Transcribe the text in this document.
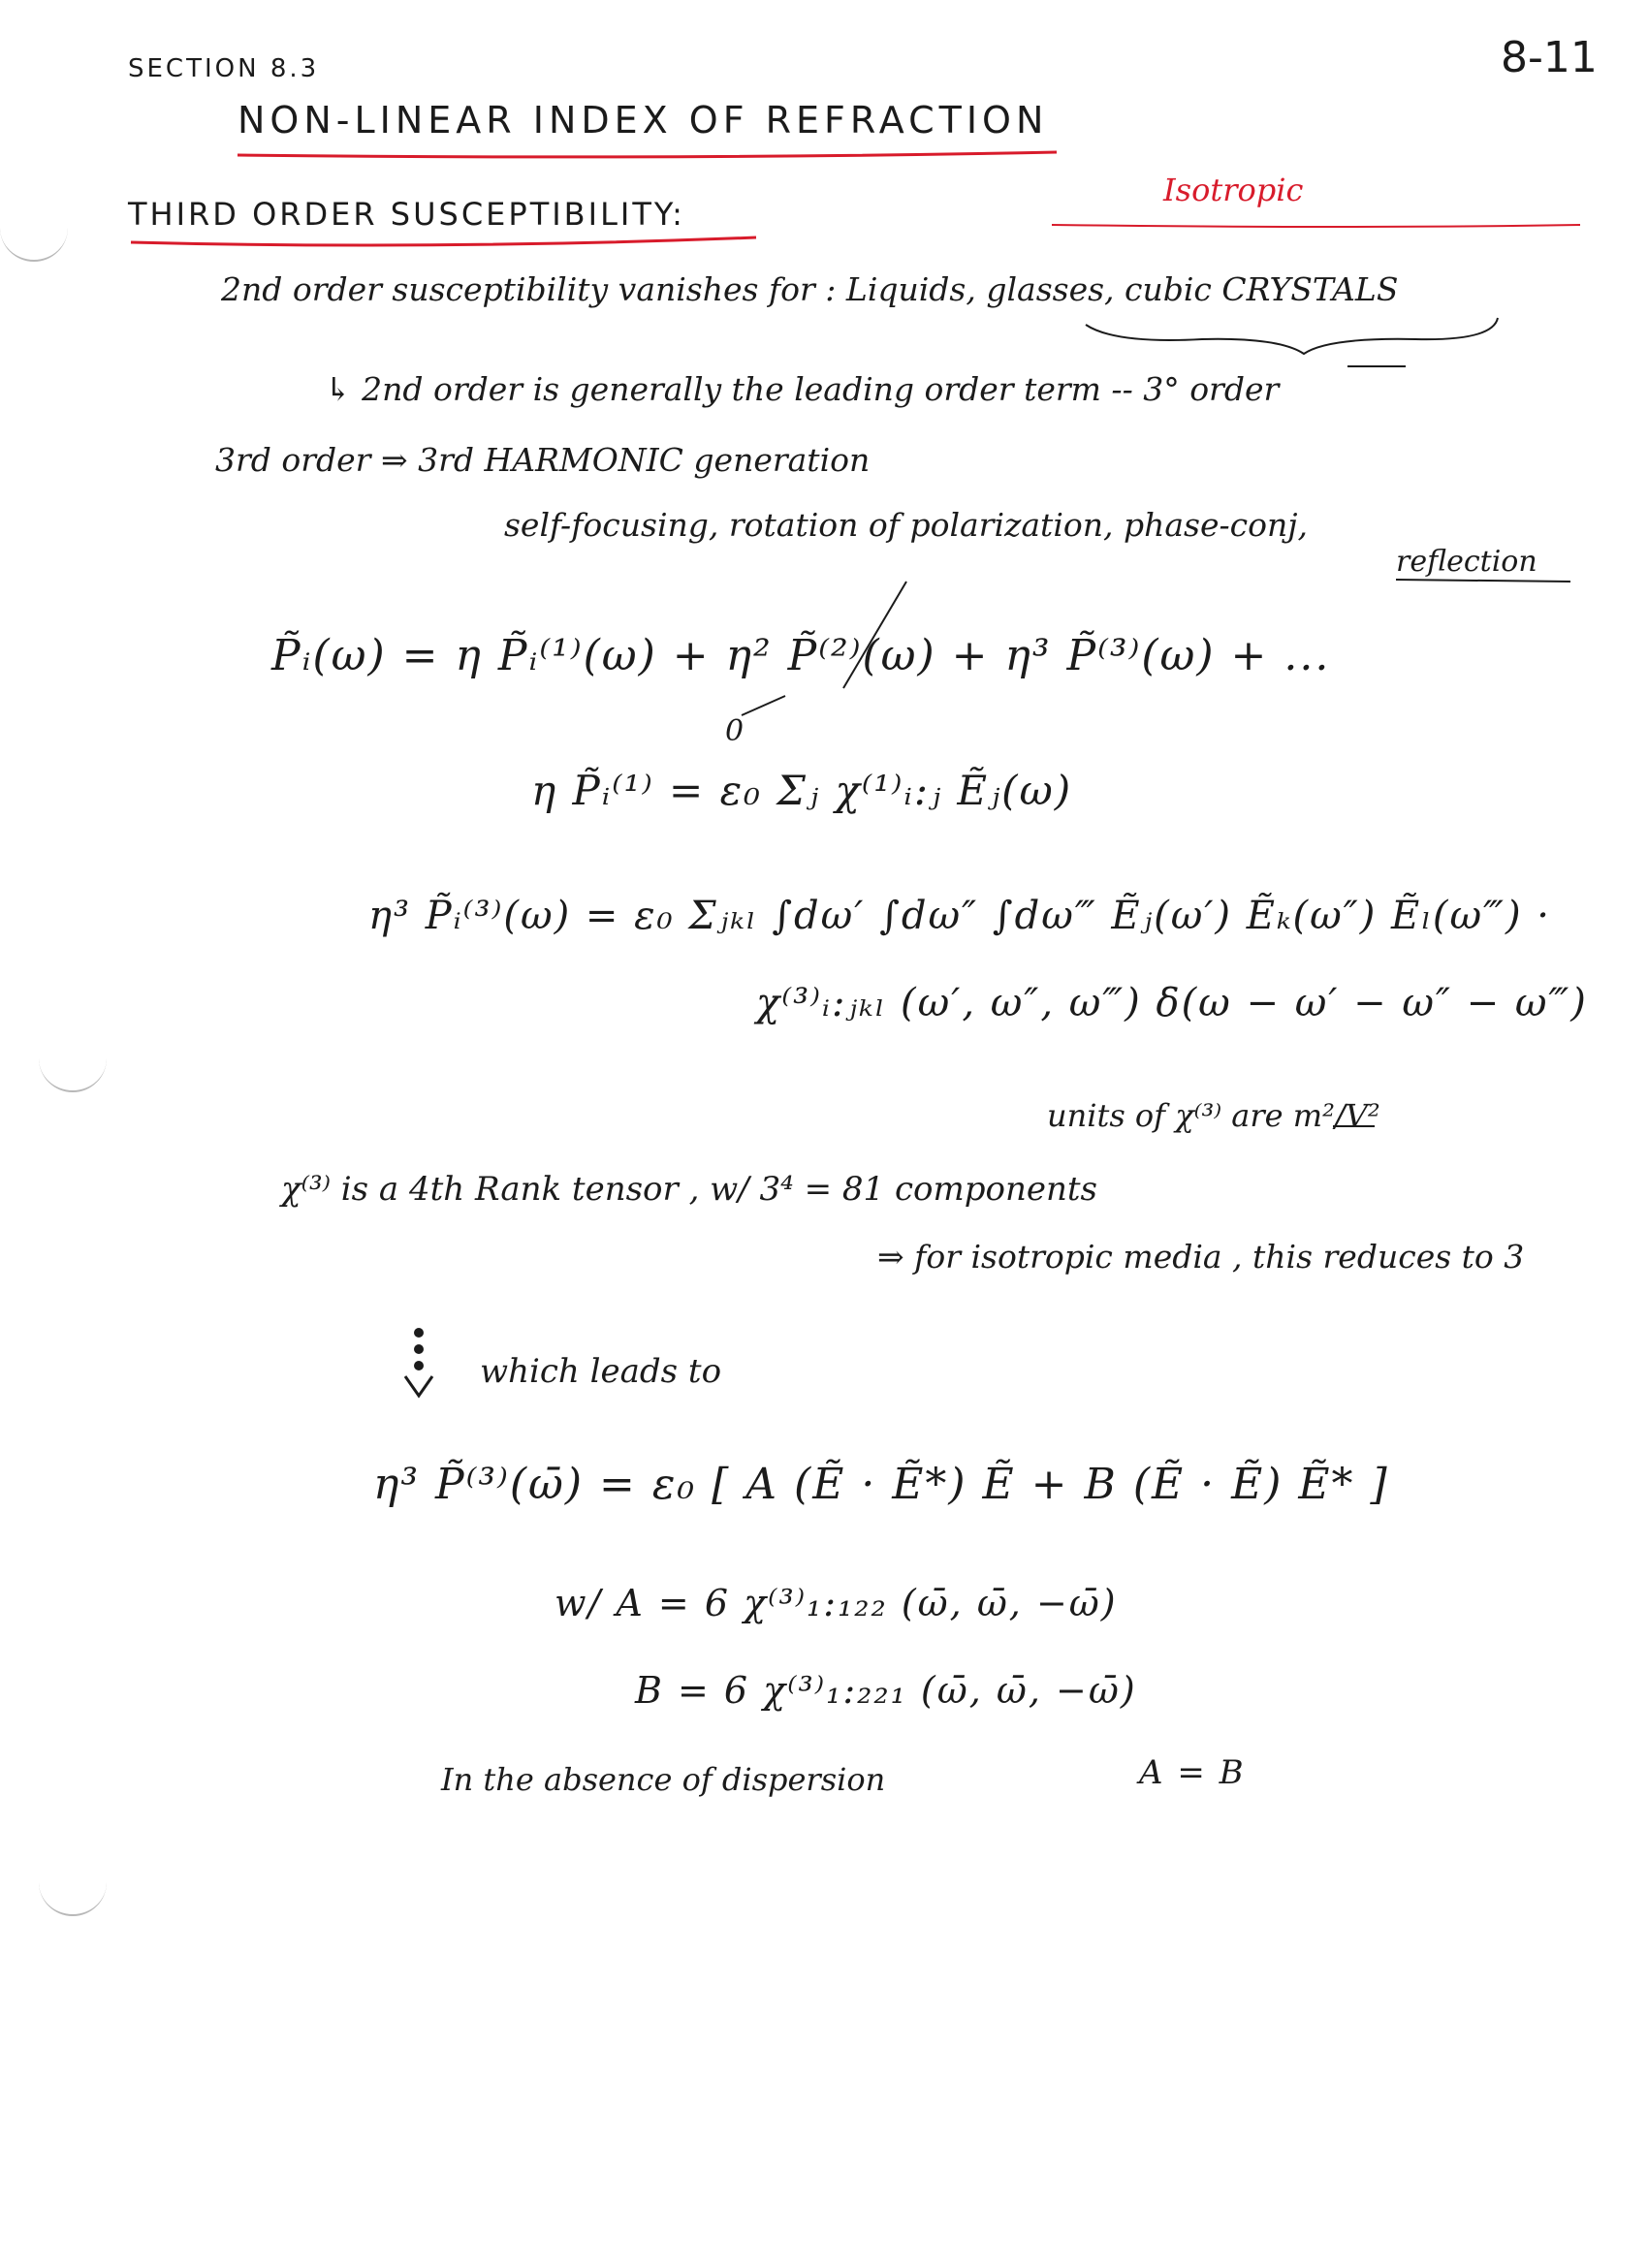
SECTION 8.3	8-11
NON-LINEAR INDEX OF REFRACTION
THIRD ORDER SUSCEPTIBILITY:
Isotropic
2nd order susceptibility vanishes for : Liquids, glasses, cubic CRYSTALS
↳ 2nd order is generally the leading order term -- 3° order
3rd order ⇒ 3rd HARMONIC generation
self-focusing, rotation of polarization, phase-conj,
reflection
P̃ᵢ(ω) = η P̃ᵢ⁽¹⁾(ω) + η² P̃⁽²⁾(ω) + η³ P̃⁽³⁾(ω) + ...
0
η P̃ᵢ⁽¹⁾ = ε₀ Σⱼ χ⁽¹⁾ᵢ:ⱼ Ẽⱼ(ω)
η³ P̃ᵢ⁽³⁾(ω) = ε₀ Σⱼₖₗ ∫dω′ ∫dω″ ∫dω‴ Ẽⱼ(ω′) Ẽₖ(ω″) Ẽₗ(ω‴) ·
χ⁽³⁾ᵢ:ⱼₖₗ (ω′, ω″, ω‴) δ(ω − ω′ − ω″ − ω‴)
units of χ⁽³⁾ are m²/V²
χ⁽³⁾ is a 4th Rank tensor , w/ 3⁴ = 81 components
⇒ for isotropic media , this reduces to 3
which leads to
η³ P̃⁽³⁾(ω̄) = ε₀ [ A (Ẽ · Ẽ*) Ẽ + B (Ẽ · Ẽ) Ẽ* ]
w/ A = 6 χ⁽³⁾₁:₁₂₂ (ω̄, ω̄, −ω̄)
B = 6 χ⁽³⁾₁:₂₂₁ (ω̄, ω̄, −ω̄)
In the absence of dispersion	A = B
